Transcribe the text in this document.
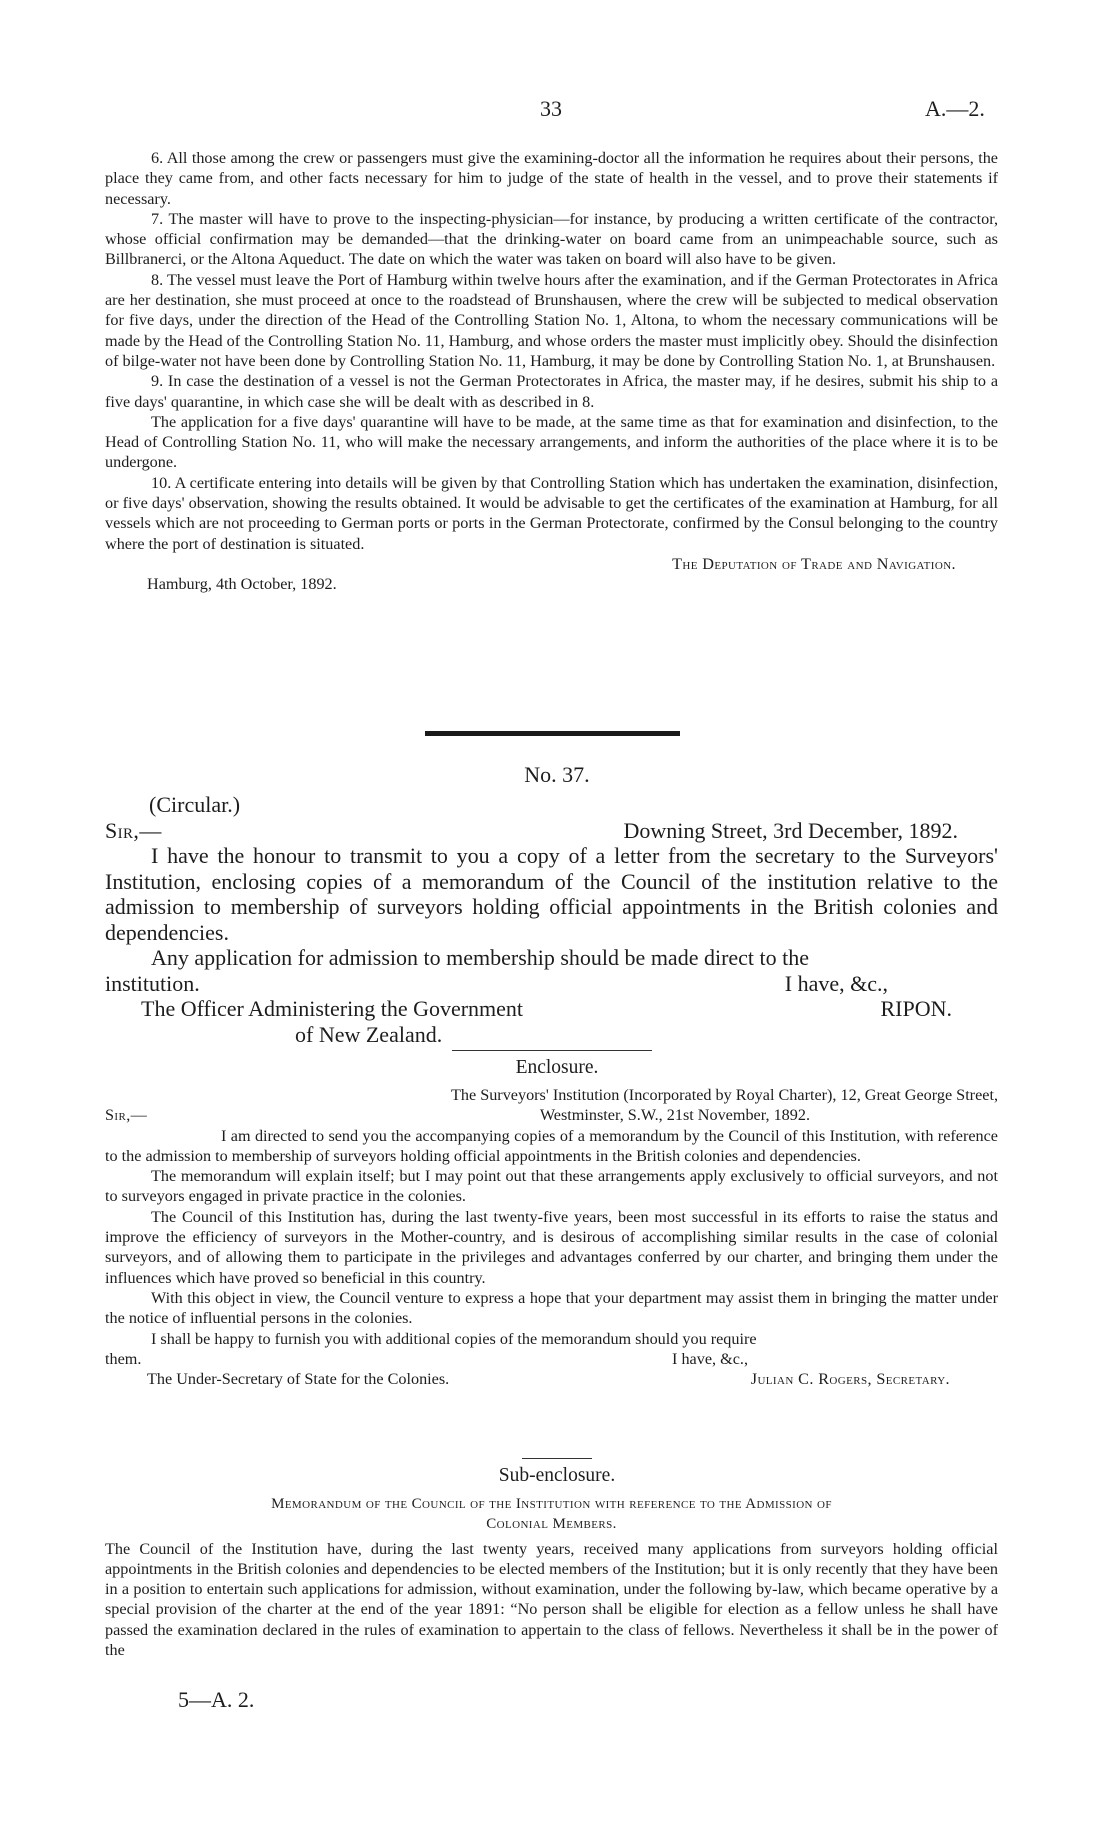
33	A.—2.

6. All those among the crew or passengers must give the examining-doctor all the information he requires about their persons, the place they came from, and other facts necessary for him to judge of the state of health in the vessel, and to prove their statements if necessary.

7. The master will have to prove to the inspecting-physician—for instance, by producing a written certificate of the contractor, whose official confirmation may be demanded—that the drinking-water on board came from an unimpeachable source, such as Billbranerci, or the Altona Aqueduct. The date on which the water was taken on board will also have to be given.

8. The vessel must leave the Port of Hamburg within twelve hours after the examination, and if the German Protectorates in Africa are her destination, she must proceed at once to the roadstead of Brunshausen, where the crew will be subjected to medical observation for five days, under the direction of the Head of the Controlling Station No. 1, Altona, to whom the necessary communications will be made by the Head of the Controlling Station No. 11, Hamburg, and whose orders the master must implicitly obey. Should the disinfection of bilge-water not have been done by Controlling Station No. 11, Hamburg, it may be done by Controlling Station No. 1, at Brunshausen.

9. In case the destination of a vessel is not the German Protectorates in Africa, the master may, if he desires, submit his ship to a five days' quarantine, in which case she will be dealt with as described in 8.

The application for a five days' quarantine will have to be made, at the same time as that for examination and disinfection, to the Head of Controlling Station No. 11, who will make the necessary arrangements, and inform the authorities of the place where it is to be undergone.

10. A certificate entering into details will be given by that Controlling Station which has undertaken the examination, disinfection, or five days' observation, showing the results obtained. It would be advisable to get the certificates of the examination at Hamburg, for all vessels which are not proceeding to German ports or ports in the German Protectorate, confirmed by the Consul belonging to the country where the port of destination is situated.

The Deputation of Trade and Navigation.
Hamburg, 4th October, 1892.
No. 37.
(Circular.)
Sir,—	Downing Street, 3rd December, 1892.

I have the honour to transmit to you a copy of a letter from the secretary to the Surveyors' Institution, enclosing copies of a memorandum of the Council of the institution relative to the admission to membership of surveyors holding official appointments in the British colonies and dependencies.

Any application for admission to membership should be made direct to the

institution.	I have, &c.,
The Officer Administering the Government	RIPON.
of New Zealand.
Enclosure.
The Surveyors' Institution (Incorporated by Royal Charter), 12, Great George Street,
Sir,—	Westminster, S.W., 21st November, 1892.

I am directed to send you the accompanying copies of a memorandum by the Council of this Institution, with reference to the admission to membership of surveyors holding official appointments in the British colonies and dependencies.

The memorandum will explain itself; but I may point out that these arrangements apply exclusively to official surveyors, and not to surveyors engaged in private practice in the colonies.

The Council of this Institution has, during the last twenty-five years, been most successful in its efforts to raise the status and improve the efficiency of surveyors in the Mother-country, and is desirous of accomplishing similar results in the case of colonial surveyors, and of allowing them to participate in the privileges and advantages conferred by our charter, and bringing them under the influences which have proved so beneficial in this country.

With this object in view, the Council venture to express a hope that your department may assist them in bringing the matter under the notice of influential persons in the colonies.

I shall be happy to furnish you with additional copies of the memorandum should you require

them.	I have, &c.,
The Under-Secretary of State for the Colonies.	Julian C. Rogers, Secretary.
Sub-enclosure.
Memorandum of the Council of the Institution with reference to the Admission of
Colonial Members.

The Council of the Institution have, during the last twenty years, received many applications from surveyors holding official appointments in the British colonies and dependencies to be elected members of the Institution; but it is only recently that they have been in a position to entertain such applications for admission, without examination, under the following by-law, which became operative by a special provision of the charter at the end of the year 1891: “No person shall be eligible for election as a fellow unless he shall have passed the examination declared in the rules of examination to appertain to the class of fellows. Nevertheless it shall be in the power of the

5—A. 2.
